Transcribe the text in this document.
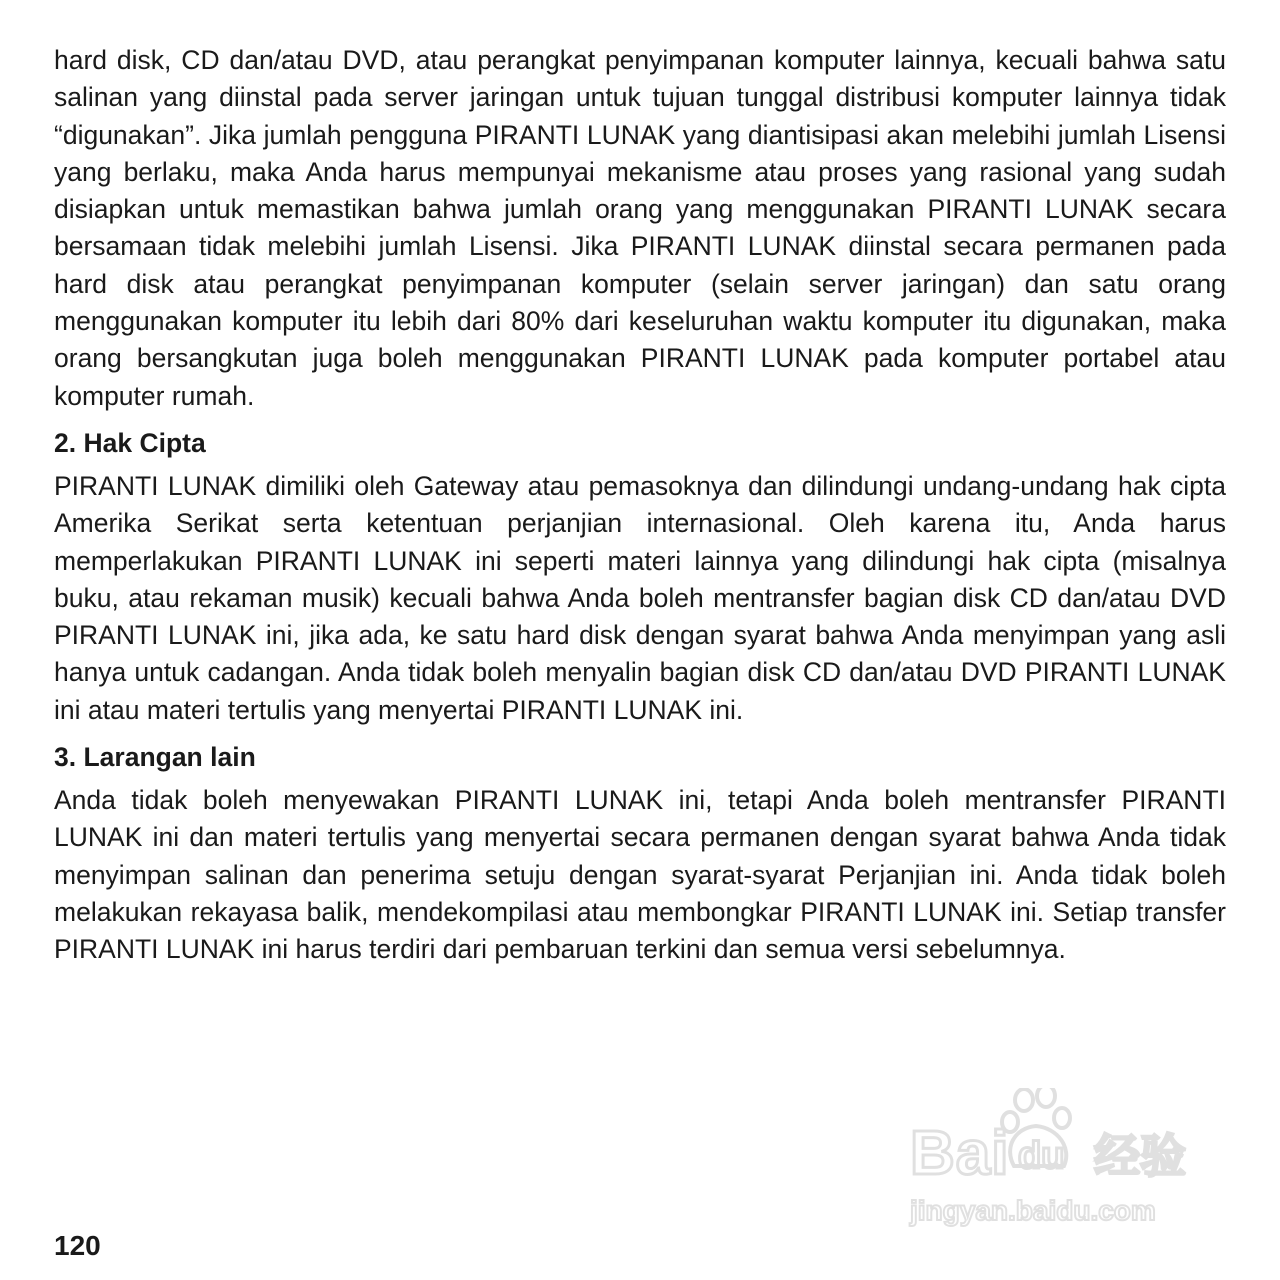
hard disk, CD dan/atau DVD, atau perangkat penyimpanan komputer lainnya, kecuali bahwa satu salinan yang diinstal pada server jaringan untuk tujuan tunggal distribusi komputer lainnya tidak “digunakan”. Jika jumlah pengguna PIRANTI LUNAK yang diantisipasi akan melebihi jumlah Lisensi yang berlaku, maka Anda harus mempunyai mekanisme atau proses yang rasional yang sudah disiapkan untuk memastikan bahwa jumlah orang yang menggunakan PIRANTI LUNAK secara bersamaan tidak melebihi jumlah Lisensi. Jika PIRANTI LUNAK diinstal secara permanen pada hard disk atau perangkat penyimpanan komputer (selain server jaringan) dan satu orang menggunakan komputer itu lebih dari 80% dari keseluruhan waktu komputer itu digunakan, maka orang bersangkutan juga boleh menggunakan PIRANTI LUNAK pada komputer portabel atau komputer rumah.

2. Hak Cipta

PIRANTI LUNAK dimiliki oleh Gateway atau pemasoknya dan dilindungi undang-undang hak cipta Amerika Serikat serta ketentuan perjanjian internasional. Oleh karena itu, Anda harus memperlakukan PIRANTI LUNAK ini seperti materi lainnya yang dilindungi hak cipta (misalnya buku, atau rekaman musik) kecuali bahwa Anda boleh mentransfer bagian disk CD dan/atau DVD PIRANTI LUNAK ini, jika ada, ke satu hard disk dengan syarat bahwa Anda menyimpan yang asli hanya untuk cadangan. Anda tidak boleh menyalin bagian disk CD dan/atau DVD PIRANTI LUNAK ini atau materi tertulis yang menyertai PIRANTI LUNAK ini.

3. Larangan lain

Anda tidak boleh menyewakan PIRANTI LUNAK ini, tetapi Anda boleh mentransfer PIRANTI LUNAK ini dan materi tertulis yang menyertai secara permanen dengan syarat bahwa Anda tidak menyimpan salinan dan penerima setuju dengan syarat-syarat Perjanjian ini. Anda tidak boleh melakukan rekayasa balik, mendekompilasi atau membongkar PIRANTI LUNAK ini. Setiap transfer PIRANTI LUNAK ini harus terdiri dari pembaruan terkini dan semua versi sebelumnya.

Bai du 经验
jingyan.baidu.com
120
